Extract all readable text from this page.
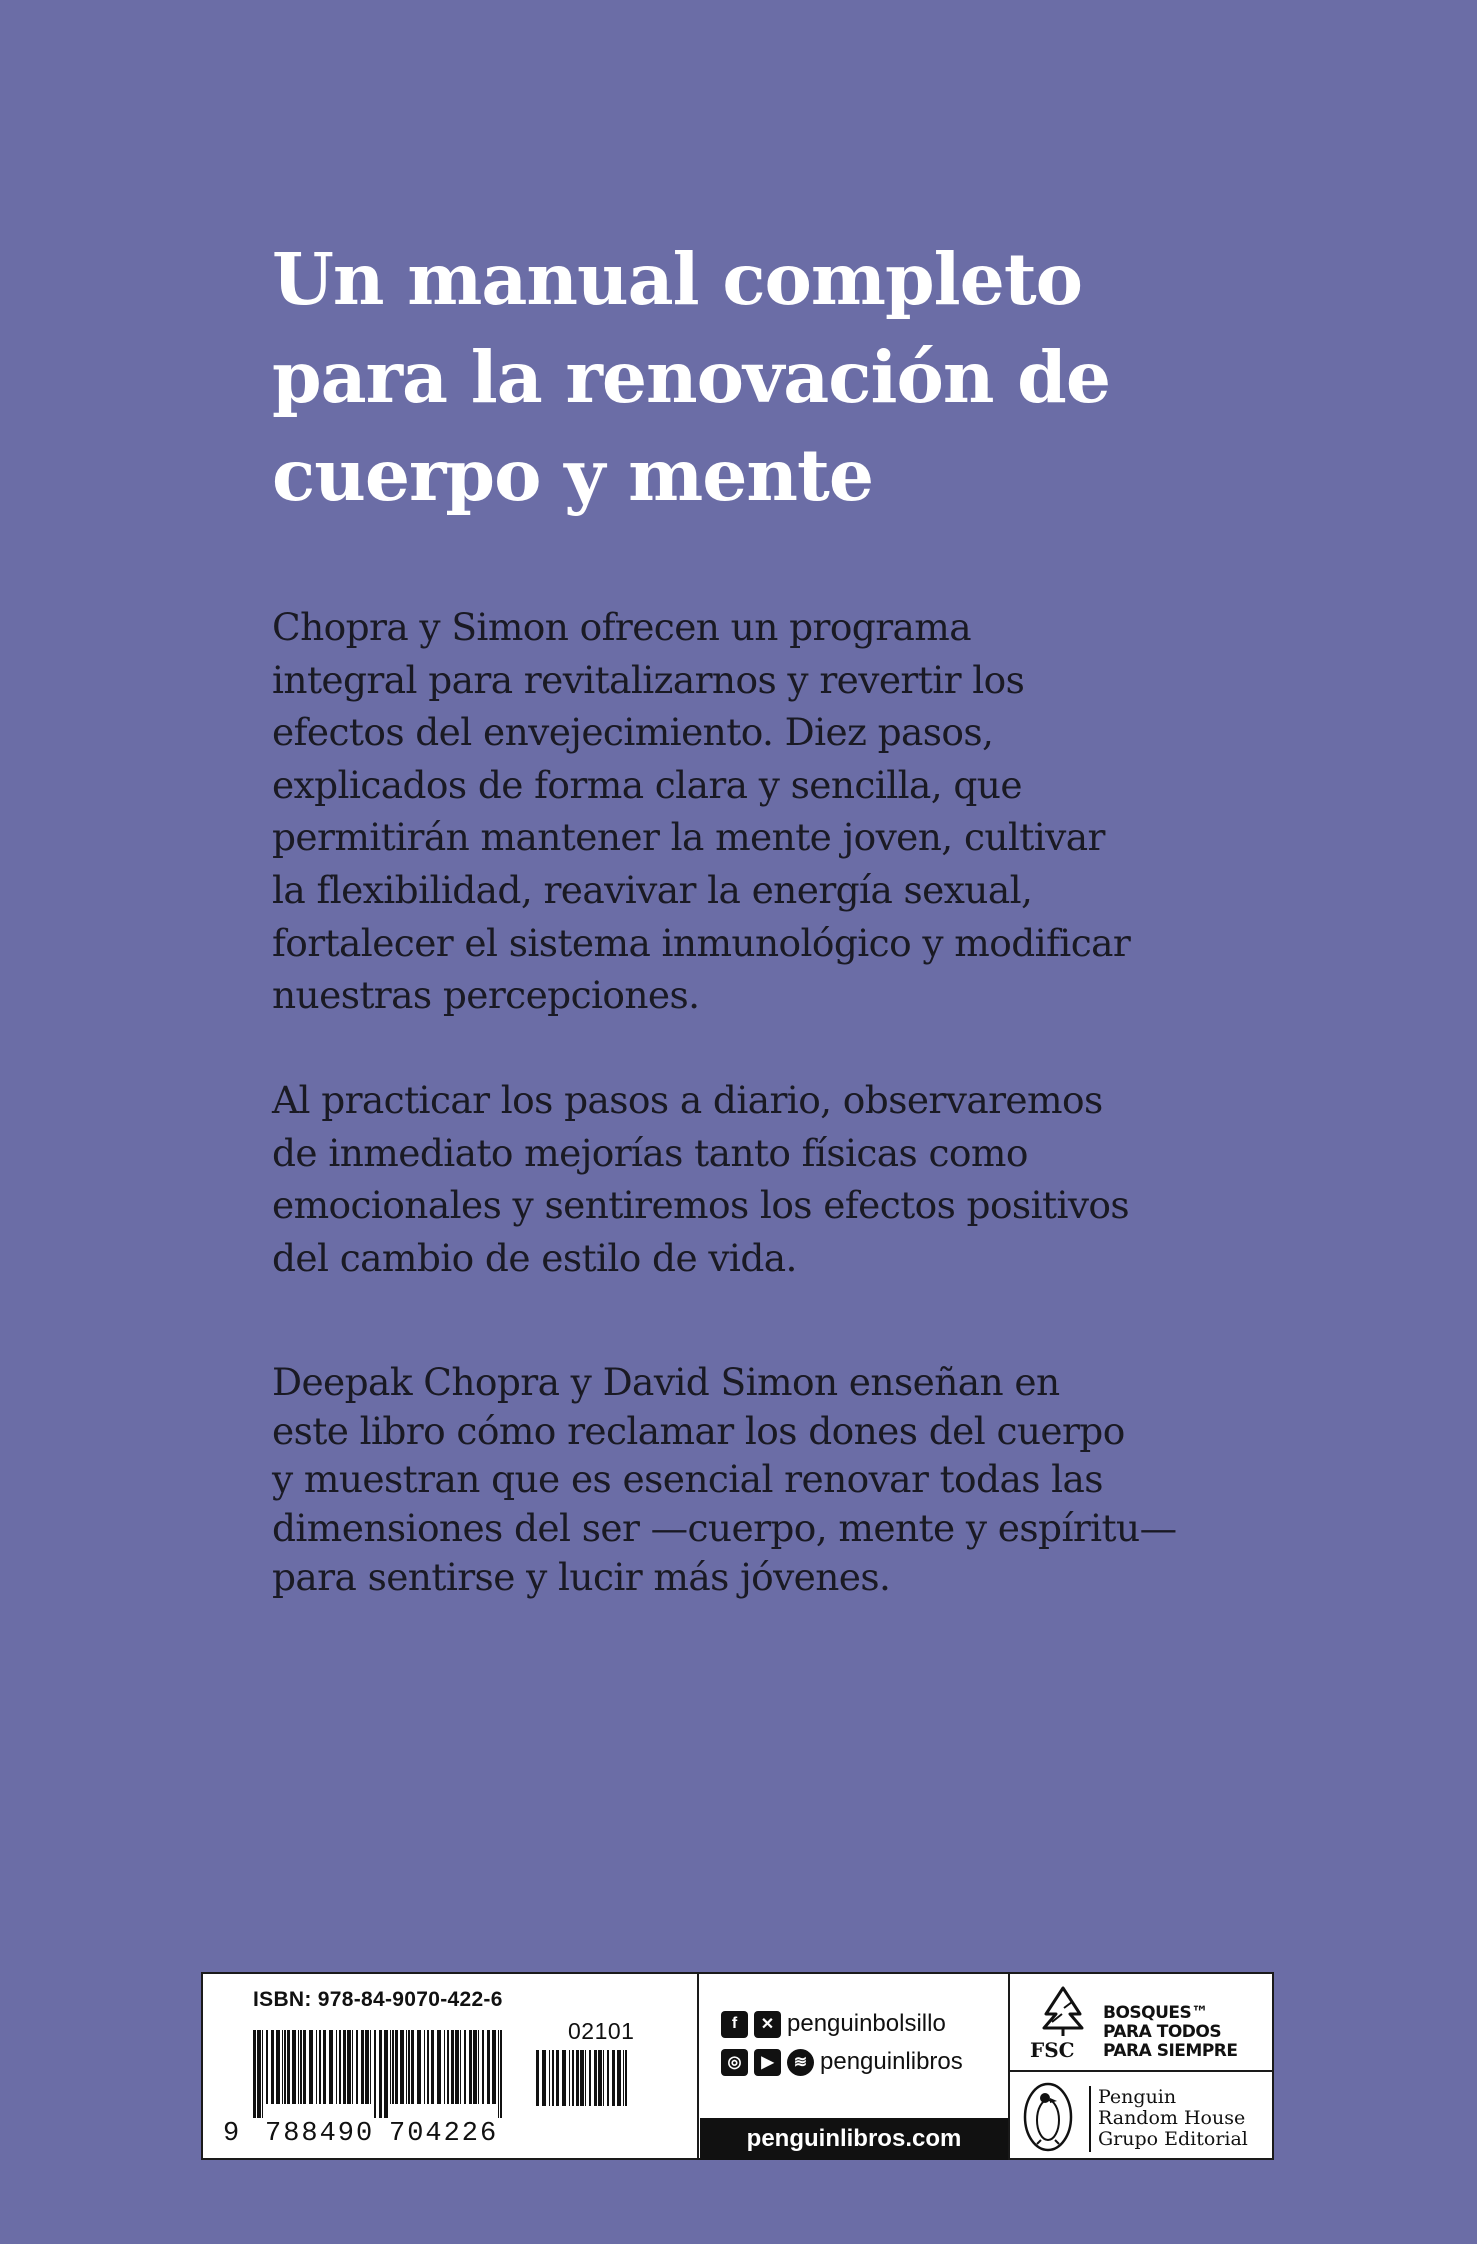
Un manual completo
para la renovación de
cuerpo y mente
Chopra y Simon ofrecen un programa
integral para revitalizarnos y revertir los
efectos del envejecimiento. Diez pasos,
explicados de forma clara y sencilla, que
permitirán mantener la mente joven, cultivar
la flexibilidad, reavivar la energía sexual,
fortalecer el sistema inmunológico y modificar
nuestras percepciones.
Al practicar los pasos a diario, observaremos
de inmediato mejorías tanto físicas como
emocionales y sentiremos los efectos positivos
del cambio de estilo de vida.
Deepak Chopra y David Simon enseñan en
este libro cómo reclamar los dones del cuerpo
y muestran que es esencial renovar todas las
dimensiones del ser —cuerpo, mente y espíritu—
para sentirse y lucir más jóvenes.
ISBN: 978-84-9070-422-6
02101
9 788490 704226
f	✕ penguinbolsillo
◎	▶	≋ penguinlibros
penguinlibros.com
FSC
BOSQUES™
PARA TODOS
PARA SIEMPRE
Penguin
Random House
Grupo Editorial
